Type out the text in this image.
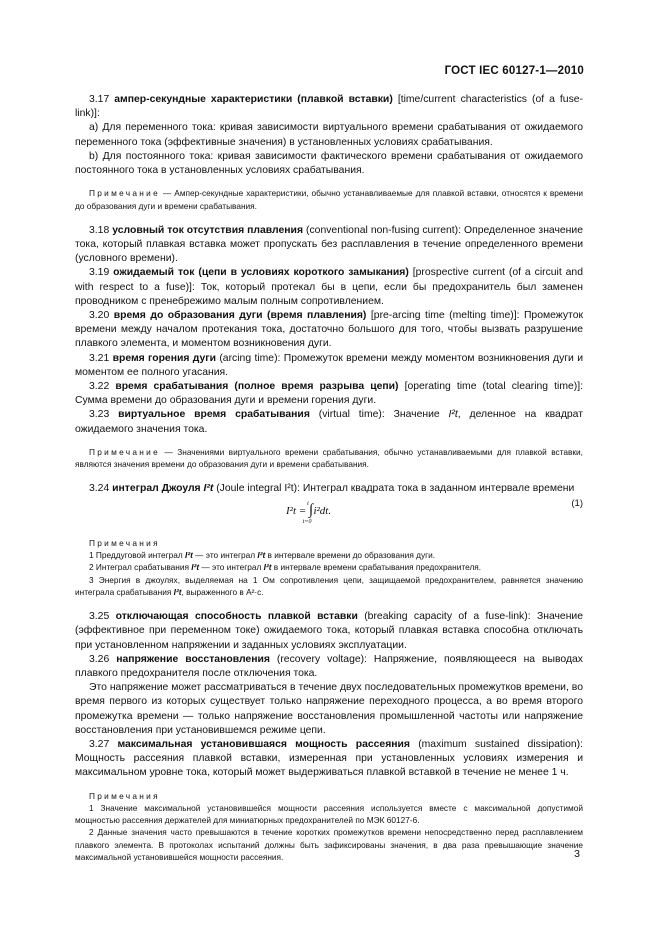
ГОСТ IEC 60127-1—2010

3.17 ампер-секундные характеристики (плавкой вставки) [time/current characteristics (of a fuse-link)]:

а) Для переменного тока: кривая зависимости виртуального времени срабатывания от ожидаемого переменного тока (эффективные значения) в установленных условиях срабатывания.

b) Для постоянного тока: кривая зависимости фактического времени срабатывания от ожидаемого постоянного тока в установленных условиях срабатывания.

Примечание — Ампер-секундные характеристики, обычно устанавливаемые для плавкой вставки, относятся к времени до образования дуги и времени срабатывания.

3.18 условный ток отсутствия плавления (conventional non-fusing current): Определенное значение тока, который плавкая вставка может пропускать без расплавления в течение определенного времени (условного времени).

3.19 ожидаемый ток (цепи в условиях короткого замыкания) [prospective current (of a circuit and with respect to a fuse)]: Ток, который протекал бы в цепи, если бы предохранитель был заменен проводником с пренебрежимо малым полным сопротивлением.

3.20 время до образования дуги (время плавления) [pre-arcing time (melting time)]: Промежуток времени между началом протекания тока, достаточно большого для того, чтобы вызвать разрушение плавкого элемента, и моментом возникновения дуги.

3.21 время горения дуги (arcing time): Промежуток времени между моментом возникновения дуги и моментом ее полного угасания.

3.22 время срабатывания (полное время разрыва цепи) [operating time (total clearing time)]: Сумма времени до образования дуги и времени горения дуги.

3.23 виртуальное время срабатывания (virtual time): Значение I²t, деленное на квадрат ожидаемого значения тока.

Примечание — Значениями виртуального времени срабатывания, обычно устанавливаемыми для плавкой вставки, являются значения времени до образования дуги и времени срабатывания.

3.24 интеграл Джоуля I²t (Joule integral I²t): Интеграл квадрата тока в заданном интервале времени

I²t = ∫$^t_{t=0}$i²dt.
(1)

Примечания

1 Преддуговой интеграл I²t — это интеграл I²t в интервале времени до образования дуги.

2 Интеграл срабатывания I²t — это интеграл I²t в интервале времени срабатывания предохранителя.

3 Энергия в джоулях, выделяемая на 1 Ом сопротивления цепи, защищаемой предохранителем, равняется значению интеграла срабатывания I²t, выраженного в A²·с.

3.25 отключающая способность плавкой вставки (breaking capacity of a fuse-link): Значение (эффективное при переменном токе) ожидаемого тока, который плавкая вставка способна отключать при установленном напряжении и заданных условиях эксплуатации.

3.26 напряжение восстановления (recovery voltage): Напряжение, появляющееся на выводах плавкого предохранителя после отключения тока.

Это напряжение может рассматриваться в течение двух последовательных промежутков времени, во время первого из которых существует только напряжение переходного процесса, а во время второго промежутка времени — только напряжение восстановления промышленной частоты или напряжение восстановления при установившемся режиме цепи.

3.27 максимальная установившаяся мощность рассеяния (maximum sustained dissipation): Мощность рассеяния плавкой вставки, измеренная при установленных условиях измерения и максимальном уровне тока, который может выдерживаться плавкой вставкой в течение не менее 1 ч.

Примечания

1 Значение максимальной установившейся мощности рассеяния используется вместе с максимальной допустимой мощностью рассеяния держателей для миниатюрных предохранителей по МЭК 60127-6.

2 Данные значения часто превышаются в течение коротких промежутков времени непосредственно перед расплавлением плавкого элемента. В протоколах испытаний должны быть зафиксированы значения, в два раза превышающие значение максимальной установившейся мощности рассеяния.	3
